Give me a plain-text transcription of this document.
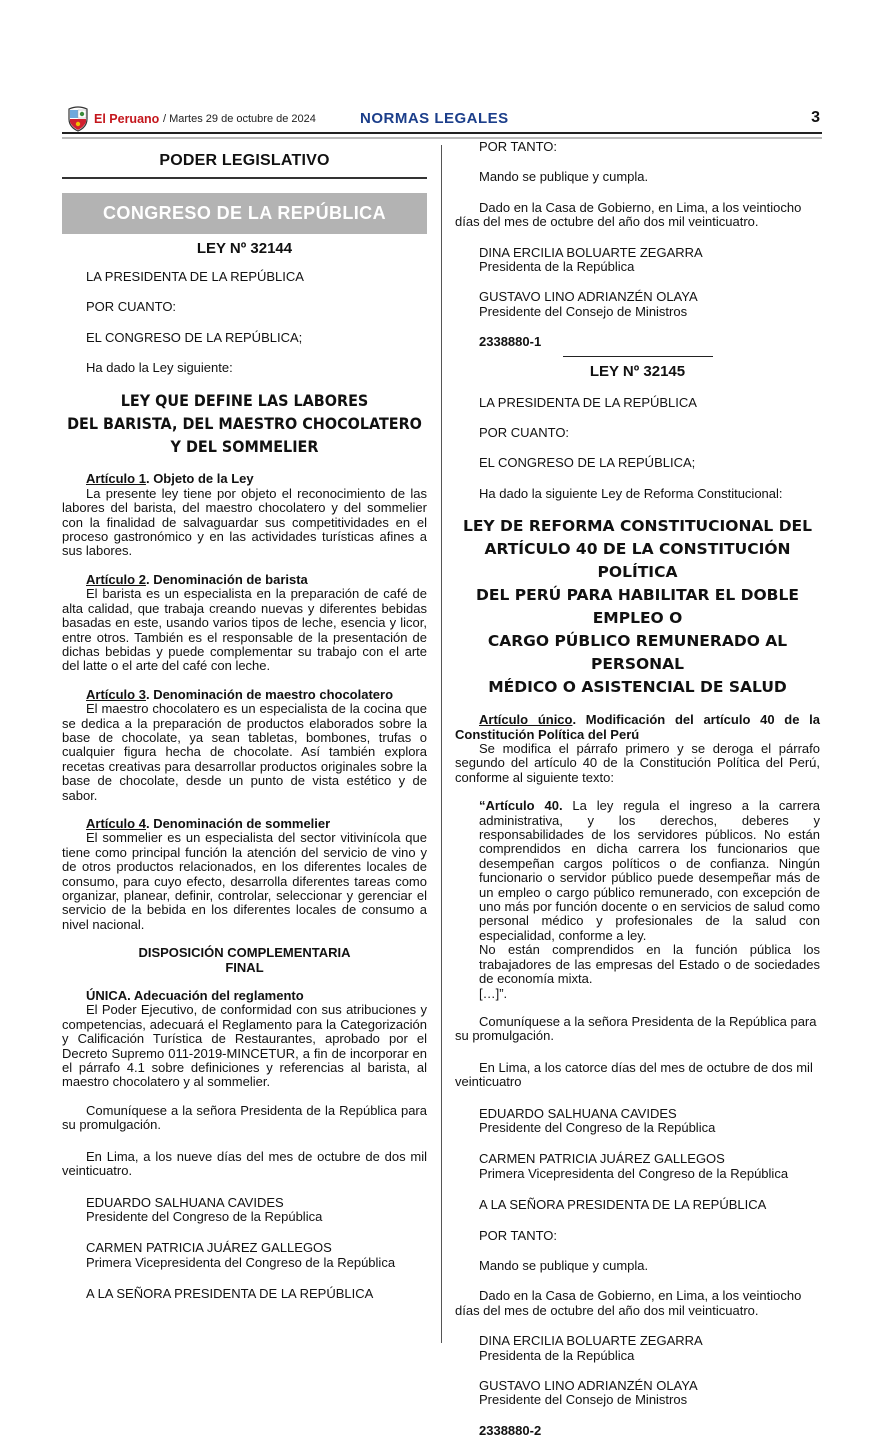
El Peruano / Martes 29 de octubre de 2024	NORMAS LEGALES	3
PODER LEGISLATIVO
CONGRESO DE LA REPÚBLICA
LEY Nº 32144
LA PRESIDENTA DE LA REPÚBLICA
POR CUANTO:
EL CONGRESO DE LA REPÚBLICA;
Ha dado la Ley siguiente:
LEY QUE DEFINE LAS LABORES
DEL BARISTA, DEL MAESTRO CHOCOLATERO
Y DEL SOMMELIER
Artículo 1. Objeto de la Ley
La presente ley tiene por objeto el reconocimiento de las labores del barista, del maestro chocolatero y del sommelier con la finalidad de salvaguardar sus competitividades en el proceso gastronómico y en las actividades turísticas afines a sus labores.
Artículo 2. Denominación de barista
El barista es un especialista en la preparación de café de alta calidad, que trabaja creando nuevas y diferentes bebidas basadas en este, usando varios tipos de leche, esencia y licor, entre otros. También es el responsable de la presentación de dichas bebidas y puede complementar su trabajo con el arte del latte o el arte del café con leche.
Artículo 3. Denominación de maestro chocolatero
El maestro chocolatero es un especialista de la cocina que se dedica a la preparación de productos elaborados sobre la base de chocolate, ya sean tabletas, bombones, trufas o cualquier figura hecha de chocolate. Así también explora recetas creativas para desarrollar productos originales sobre la base de chocolate, desde un punto de vista estético y de sabor.
Artículo 4. Denominación de sommelier
El sommelier es un especialista del sector vitivinícola que tiene como principal función la atención del servicio de vino y de otros productos relacionados, en los diferentes locales de consumo, para cuyo efecto, desarrolla diferentes tareas como organizar, planear, definir, controlar, seleccionar y gerenciar el servicio de la bebida en los diferentes locales de consumo a nivel nacional.
DISPOSICIÓN COMPLEMENTARIA
FINAL
ÚNICA. Adecuación del reglamento
El Poder Ejecutivo, de conformidad con sus atribuciones y competencias, adecuará el Reglamento para la Categorización y Calificación Turística de Restaurantes, aprobado por el Decreto Supremo 011-2019-MINCETUR, a fin de incorporar en el párrafo 4.1 sobre definiciones y referencias al barista, al maestro chocolatero y al sommelier.
Comuníquese a la señora Presidenta de la República para su promulgación.
En Lima, a los nueve días del mes de octubre de dos mil veinticuatro.
EDUARDO SALHUANA CAVIDES
Presidente del Congreso de la República
CARMEN PATRICIA JUÁREZ GALLEGOS
Primera Vicepresidenta del Congreso de la República
A LA SEÑORA PRESIDENTA DE LA REPÚBLICA
POR TANTO:
Mando se publique y cumpla.
Dado en la Casa de Gobierno, en Lima, a los veintiocho días del mes de octubre del año dos mil veinticuatro.
DINA ERCILIA BOLUARTE ZEGARRA
Presidenta de la República
GUSTAVO LINO ADRIANZÉN OLAYA
Presidente del Consejo de Ministros
2338880-1
LEY Nº 32145
LA PRESIDENTA DE LA REPÚBLICA
POR CUANTO:
EL CONGRESO DE LA REPÚBLICA;
Ha dado la siguiente Ley de Reforma Constitucional:
LEY DE REFORMA CONSTITUCIONAL DEL
ARTÍCULO 40 DE LA CONSTITUCIÓN POLÍTICA
DEL PERÚ PARA HABILITAR EL DOBLE EMPLEO O
CARGO PÚBLICO REMUNERADO AL PERSONAL
MÉDICO O ASISTENCIAL DE SALUD
Artículo único. Modificación del artículo 40 de la Constitución Política del Perú
Se modifica el párrafo primero y se deroga el párrafo segundo del artículo 40 de la Constitución Política del Perú, conforme al siguiente texto:
“Artículo 40. La ley regula el ingreso a la carrera administrativa, y los derechos, deberes y responsabilidades de los servidores públicos. No están comprendidos en dicha carrera los funcionarios que desempeñan cargos políticos o de confianza. Ningún funcionario o servidor público puede desempeñar más de un empleo o cargo público remunerado, con excepción de uno más por función docente o en servicios de salud como personal médico y profesionales de la salud con especialidad, conforme a ley.
No están comprendidos en la función pública los trabajadores de las empresas del Estado o de sociedades de economía mixta.
[…]”.
Comuníquese a la señora Presidenta de la República para su promulgación.
En Lima, a los catorce días del mes de octubre de dos mil veinticuatro
EDUARDO SALHUANA CAVIDES
Presidente del Congreso de la República
CARMEN PATRICIA JUÁREZ GALLEGOS
Primera Vicepresidenta del Congreso de la República
A LA SEÑORA PRESIDENTA DE LA REPÚBLICA
POR TANTO:
Mando se publique y cumpla.
Dado en la Casa de Gobierno, en Lima, a los veintiocho días del mes de octubre del año dos mil veinticuatro.
DINA ERCILIA BOLUARTE ZEGARRA
Presidenta de la República
GUSTAVO LINO ADRIANZÉN OLAYA
Presidente del Consejo de Ministros
2338880-2
